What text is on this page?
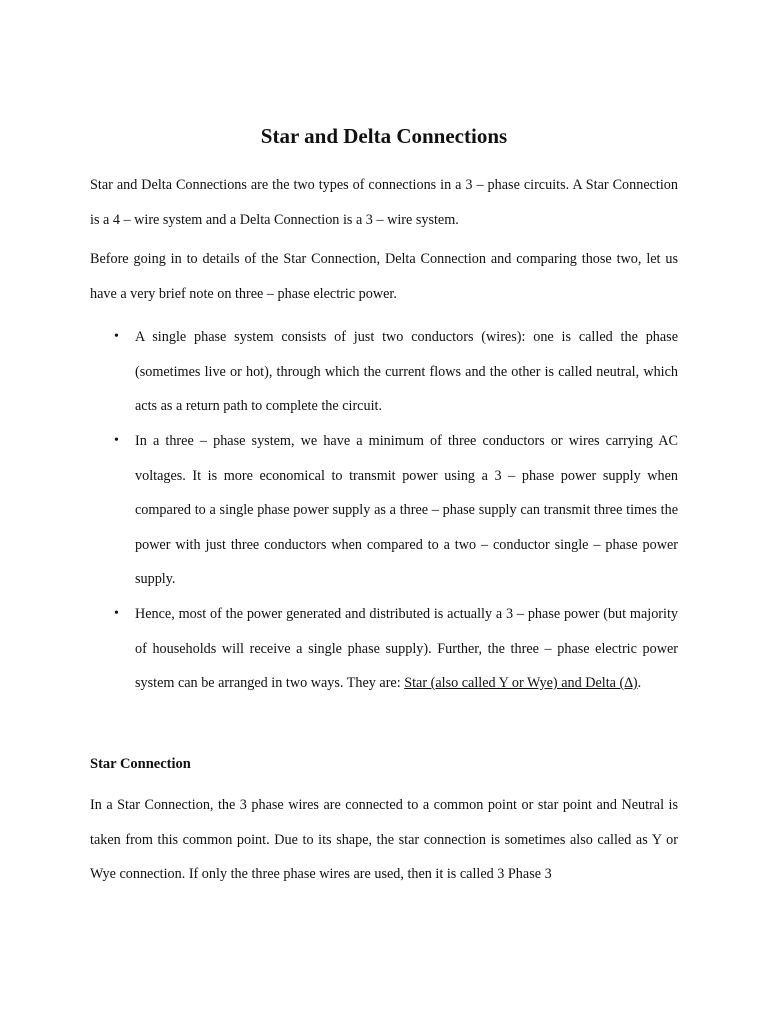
Star and Delta Connections

Star and Delta Connections are the two types of connections in a 3 – phase circuits. A Star Connection is a 4 – wire system and a Delta Connection is a 3 – wire system.

Before going in to details of the Star Connection, Delta Connection and comparing those two, let us have a very brief note on three – phase electric power.

• A single phase system consists of just two conductors (wires): one is called the phase (sometimes live or hot), through which the current flows and the other is called neutral, which acts as a return path to complete the circuit.

• In a three – phase system, we have a minimum of three conductors or wires carrying AC voltages. It is more economical to transmit power using a 3 – phase power supply when compared to a single phase power supply as a three – phase supply can transmit three times the power with just three conductors when compared to a two – conductor single – phase power supply.

• Hence, most of the power generated and distributed is actually a 3 – phase power (but majority of households will receive a single phase supply). Further, the three – phase electric power system can be arranged in two ways. They are: Star (also called Y or Wye) and Delta (∆).

Star Connection

In a Star Connection, the 3 phase wires are connected to a common point or star point and Neutral is taken from this common point. Due to its shape, the star connection is sometimes also called as Y or Wye connection. If only the three phase wires are used, then it is called 3 Phase 3
